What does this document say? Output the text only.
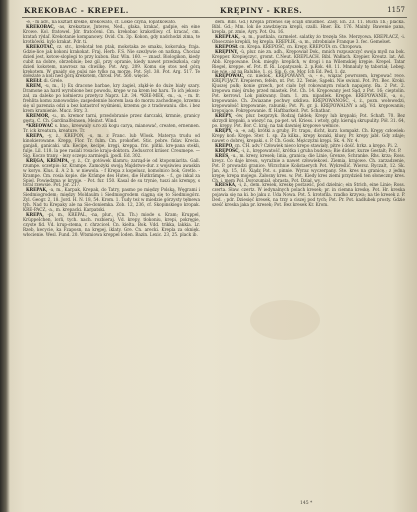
KREKOBAC - KREPEL.	KRĘPINY - KRES.	1157

-e, - m adv., na kształt krekle, krekowato, cf. Lokie czyna, łopatkowato.

KREKOBAC, -as, kreksztaw, Jnteres, Ned., głaka, krakać, gadpie, ein eine Krowe. Kol. fratowel. Jdr. fratoćeni. Cm. krekobac krakotliwy. cf. kracać, cm. kratań rýdaľ. Krekotanie kompanowy. Ovid. Cn. 3p. Kokon, gdy nadchodzi zima, te krotkówki. kylo krakat. Pdr. ti.

KREKOTAĆ, cz. stc., krekotał ten ptak, mokotaka ze smaku, kokoruka; fraja. Gdzie-lice jak kokoni krakokat. Fraj. Herb. F.S. Nie szezlywie on natkną. Chociaz dzień jest, kotow-sloplegi to przy kubon. Bar. Win. 160. — znasź. Biologikon, kiedy cubit na dobre, obrzebluie; bez gil, przy opranie, kiedy nawet przedszkola, cały dzień kokotem, nawrosz na chwilkę. Pot. Arg. 209. Komu się stos ned górą krekotem. W gnaidy się pulsi nie tylko na morze. Pot. Syl. 38. Pot. Arg. 517. Te dołeżate a koli ned górą krekotem, chrosł. Pot. 560. więcie.

KREŁŁ di. Grele.

KREM, -u, m., 1) Ex dracone barbae, kry żagiel, złąkł-ie do duże biały szary. Dramone aa hard wyrobione bez powodu, krępe w na krem łez haru. To ich jekosz-zał, za daleko po kołnierzu przetycz Naprz. Lit. 34. *KRE-MEK, -m., -a, - m. fr. frehlita komu zanowodzie; zaspedennie biorem lasa do morzu zachodnego, krzemu się ul parenzia odzi a bez katastrof wyśmieni, krzemu go z tradowaniu. dbs. i bez krem kramienie. Mucz. Stry. 3.

KREMOR, -u., m. kremor tarni, przedobranie przez darczaki, krmnie, granicy gęstą, C. Ch. Gardinalfeinsen, Meinst. Wind.

*KREOWAĆ s. hno., kreowaly s.ro zli kogu carya, mianować, createn, ernennen. Tr. ick kreatura, kreature. Tr.

KREPA, -y, ż., KREPON, -u, m. z Franc. lub Wlosk. Materya trudu od kinokierowane. Krepp, Flor. Tr. fulm. Cm. prokofiet. Stic. pobre. fidav. Krecia. ganjałi, ganicaki. ufa. Kecipe, kecipe, kręgi, kreppa. fric. plitki. kre-pana stekli, fulje. Lil. 118. la pee rasiali rosacie kraju-doktora. Zeduscrot kriiser. Creumepe. — Sig. Koczo trany. - lezy sczepu zarmiegli. jpodl. Ed. 302.

KRĘGA, KREMPA, -y, ż., Cr. gotówek klamru; zarząd-ie od ktopomiarita. Gall. rzumpe. sczetpio: kr. Krampe. Zamożyki swoją Majdstwo-dur. z wojsiwieu awaskin w koryo. Klus. il. A 2 b. w niewola. - f Krepa z kopelusz, komolnico bok, Gretlo. - Krampe. Cm. rosia kopie. die Krämpe des Hutes, die Hutkrämpe. - f., go inkal za Spiel. Powiedzma w krypie. - Pot. fur. 150. Kasal de su trynie, tuszi als krempy, s toral rzewsie. Pot. Jor. 217.

KREPAK, -a, m., Karpak, Krepak, do Tatry, pasmo po między Polską, Węgrami i Siedmiogrodem; między Moldaulm i Siedmiogrodem ciągną się to Siedmiogórz. Zyl. Geogr. 2, 18. Jord. H. N. 18, 54. Krom. 1. Tudy też w miedzie górzysty tęłnewa tyh. Nad tu Krepaky ale na Sie-doniemka. Zob. 12, 236, cf. Skopinskiego kropak. KRE-PACZ, -a., m. krepacki. Karpatski.

KREPA, -pi, m., KREPAL, -na, plur., (Cn. Th.) miode s. Kram; Kruppel, KrüppeIchen, lorli, tych. nach. rozbieraj. Vd. krepy, tłokoniu, krepi, pokręgie, czyste fid. Vd. krup-stema, r. chrzciceł. Cn. kielta. Bok. Vdd. trikka, lakkia. Lr. Rzeb, kecycie, ka Fzaposn, na krępej, iklaty. Gre. Cn. arecki. Krepla za oknięk. włocienie. Wesl. Fund. 20. Wtsmiowa kreppel loden. Bazin. Lexic. 23, 25. plack ib.

dem. Bibl. Gd.) Krepla przenos się ściąń smudnec. Zasy. En. 23. 11. Bucła 1b.; placka. Bibl. Gd.; Mm. lok ile zawdzięcza krepli, czalli. Hner. Ek. 176. Mainly. Bawenie pana, krepla, pr. zmie, Ayry. Pot. Ou. 16.

KREPŁAK, -a, m., pustkala, carmelet. salatky żo trezęla Ste. Merzyowa. KREPŁACZ, -i. Obsecznie krepkli, tej krepla. KREPŁIK, -a, m., zdrobniale Franque 3. fec. Gemelset.

KREPOSŁ cn. Krepa. KREPOŚĆ, cn. Krepy. KREPOTA cn. Chropowa.

KRĘPINY, -ü, plur. nie zn. adh., Krępowiał Dok., mnich rozpuszczyć swoja myśl na bok. Krepper. Krepiejczyc, gromt. C.Neut. KREPLACH. Bibl. Wałłach. Krępier. Kreutz. lat. Ad. Abb. Krępowane. Dok. miegły: kreplich, w drogi i na Wilemskiej krępie. Krepel. Tatar Riegel, kreppe. ef. Pot. ff. Ri. Lopatyszek. 2. p.Rok. 48. 11. Mnnaluly tę taboriał; Lebeg. nie wie.; aż na Balubie, 1. oj. Sip. 6. ce. Mor. Ich Ed. Ped. 1. dz.

KRĘPOWAĆ, cz. niedok., KRĘPOWANY, -a, - e., wiązać powrozem, krępować rece. KRĘPUJĄCY. Krepieren, fefeln, nt. Pot. 32. Tenie, Sąpeki. Nie swiuni. Pot. Pri. Bec. Kroki. Kjuszej pułk; konie grzech, pot ciało był rokowanym rolach napajony. Ba. 2 Pot. 2. krępowa miej śrubę przed miastek. Pot. Ch. 14. Krępowany jest Sąd, z Pot. 16; cieptolin. Pot. kerrowl. Lok pinkwany. Dam. 1. zm. nipadlek. Kreppe. KREPOWANIE, -a, o., krępowanie. Ch. Zwiazane pochwy szkliwa. KRĘPOWANOŚĆ, -i, ż., pozn. wołowodzi, krępowałość krępowanie, rabunki; Pot. Pi. gr. ji. KRĘPOWALNY a adj. Vd. krępowaniu; krępujące. Pokrępowanie. ff. Haftbarkeit. Pot. Schatbar.

KREPY, -ów, plur. bezprzyk. Rodzaj fałdek; Krepy lub krępaki; Pot. Schaft. 70. Bez skrzydł krępaki, a wiezyć na, pa-pet. wł. Kriess. i wtoły, gdy. kierują skrupulity. Pół. 31. 64, po. krępy. Pot. Bor. C. kraj; na tak dawniej krępowe wełnice.

KRĘPY, -a, -e, adj. krótki a gruby, Fr. trapu, dicht, kurz. kompakt. Ch. Krępy człowiek: Krepy koń: Krępe. Ster. 1. sp. Za kilka., krepy kozaki, klusy, Pr. krepy jabł. Gdy zdaje; nawet o dobrej, krepaki. s. P. Ch. Gosk. Mężczyźni krępi. Sk. 4. Nr. 4.

KREPO, cn. CH. adv.? Człowiek nieco krepo stawiały, pitre i dość. hrkz. a krępo. Pi. 2.

KRĘPOŚĆ, -i, ż., krępowatość, krótka i gruba budowa; Bie dicker, kurze Gestalt; Pot. P.

KRES, -u., m. kresy, kresek; linia, granica; die Linie, Grenze, Schranke. Rhs. krza; Ross. kreyz. Co daje kresu, wyraźnie a nawet człowiekowi. Ziemia, krajowe. Ch. zarzadzenie, Pot. P. prowadzi granice. Wirzchnie Kolistaerych Pot. Wykreślić. Wiersz. Ryczalt, 12. Sk. Jan, Ap. 15, 16. Xiądz Pot. s. pinnie. Wyraz wyczerpany. Ste. kres na granicę.; z jedną krępe; krepa mojego. Żałosny kres. w. Pot. Kiedy kres ziemi przydzieli ten słoneczny kres. Ch. i. mem Pol. Dorozumiał, obrasta. Pot. Dział. wy.

KRESKA, -i, ż., dem. kresek, kreskę postawić, pod dzielnic; ein Strich, eine Linie; Ross. czerta. Sław. czertz. W iedynalnych polach kresek; pr. in ciemna kreskę. Pot. Hr. kreska pojawia się na ki. bo jaku z. Uda Nowa. Pot. 5. krotofila. rzadko krzywa; na tle kresek z. P. Ded. ; pdr. Dziesięć kresek, na trzy a ciszej pod tych; Pot. Pr. Pot. kadłubek prosty. Gdzie sześć kreska jaka pr. kresek; Pot. Bez kresek Kr. Krom.

145 *
